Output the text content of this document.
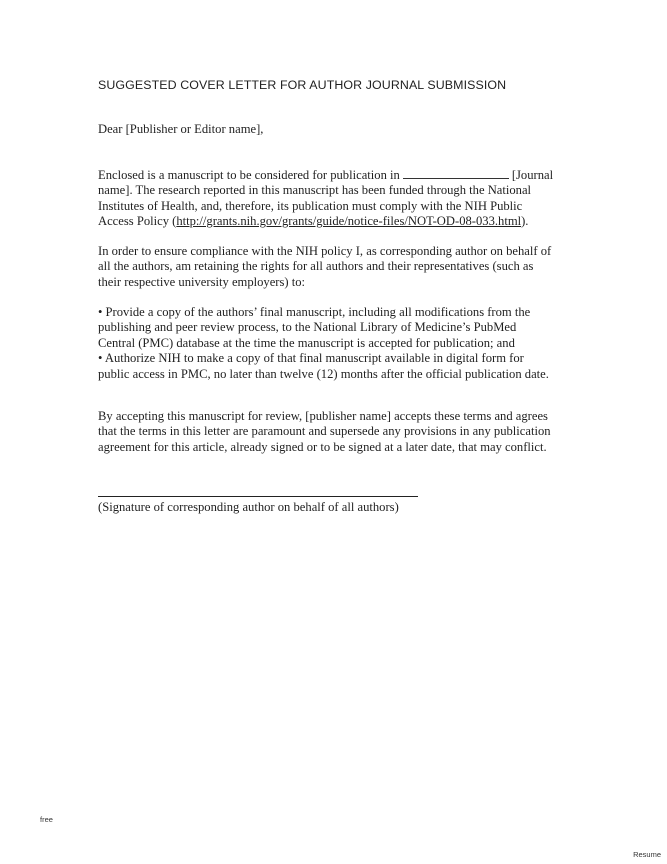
SUGGESTED COVER LETTER FOR AUTHOR JOURNAL SUBMISSION
Dear [Publisher or Editor name],
Enclosed is a manuscript to be considered for publication in	[Journal
name]. The research reported in this manuscript has been funded through the National
Institutes of Health, and, therefore, its publication must comply with the NIH Public
Access Policy (http://grants.nih.gov/grants/guide/notice-files/NOT-OD-08-033.html).
In order to ensure compliance with the NIH policy I, as corresponding author on behalf of
all the authors, am retaining the rights for all authors and their representatives (such as
their respective university employers) to:
• Provide a copy of the authors’ final manuscript, including all modifications from the
publishing and peer review process, to the National Library of Medicine’s PubMed
Central (PMC) database at the time the manuscript is accepted for publication; and
• Authorize NIH to make a copy of that final manuscript available in digital form for
public access in PMC, no later than twelve (12) months after the official publication date.
By accepting this manuscript for review, [publisher name] accepts these terms and agrees
that the terms in this letter are paramount and supersede any provisions in any publication
agreement for this article, already signed or to be signed at a later date, that may conflict.
(Signature of corresponding author on behalf of all authors)
free
Resume
